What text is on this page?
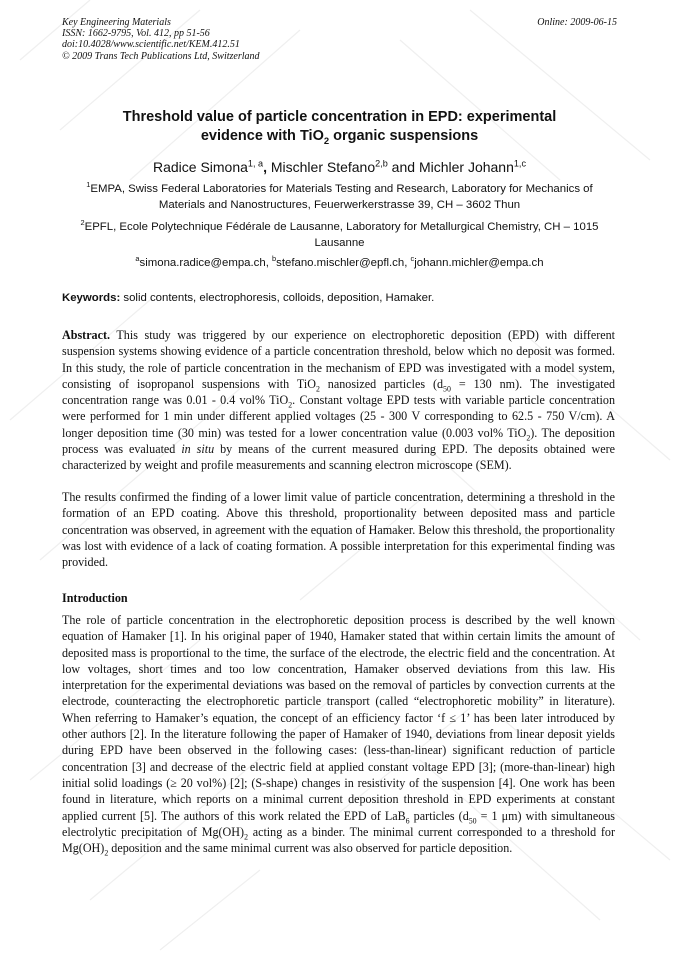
Key Engineering Materials
ISSN: 1662-9795, Vol. 412, pp 51-56
doi:10.4028/www.scientific.net/KEM.412.51
© 2009 Trans Tech Publications Ltd, Switzerland
Online: 2009-06-15
Threshold value of particle concentration in EPD: experimental
evidence with TiO$_2$ organic suspensions
Radice Simona$^{1, a}$, Mischler Stefano$^{2,b}$ and Michler Johann$^{1,c}$
$^1$EMPA, Swiss Federal Laboratories for Materials Testing and Research, Laboratory for Mechanics of Materials and Nanostructures, Feuerwerkerstrasse 39, CH – 3602 Thun
$^2$EPFL, Ecole Polytechnique Fédérale de Lausanne, Laboratory for Metallurgical Chemistry, CH – 1015 Lausanne
$^a$simona.radice@empa.ch, $^b$stefano.mischler@epfl.ch, $^c$johann.michler@empa.ch
Keywords: solid contents, electrophoresis, colloids, deposition, Hamaker.
Abstract. This study was triggered by our experience on electrophoretic deposition (EPD) with different suspension systems showing evidence of a particle concentration threshold, below which no deposit was formed. In this study, the role of particle concentration in the mechanism of EPD was investigated with a model system, consisting of isopropanol suspensions with TiO$_2$ nanosized particles ($d_{50} = 130$ nm). The investigated concentration range was 0.01 - 0.4 vol% TiO$_2$. Constant voltage EPD tests with variable particle concentration were performed for 1 min under different applied voltages (25 - 300 V corresponding to 62.5 - 750 V/cm). A longer deposition time (30 min) was tested for a lower concentration value (0.003 vol% TiO$_2$). The deposition process was evaluated in situ by means of the current measured during EPD. The deposits obtained were characterized by weight and profile measurements and scanning electron microscope (SEM).
The results confirmed the finding of a lower limit value of particle concentration, determining a threshold in the formation of an EPD coating. Above this threshold, proportionality between deposited mass and particle concentration was observed, in agreement with the equation of Hamaker. Below this threshold, the proportionality was lost with evidence of a lack of coating formation. A possible interpretation for this experimental finding was provided.
Introduction
The role of particle concentration in the electrophoretic deposition process is described by the well known equation of Hamaker [1]. In his original paper of 1940, Hamaker stated that within certain limits the amount of deposited mass is proportional to the time, the surface of the electrode, the electric field and the concentration. At low voltages, short times and too low concentration, Hamaker observed deviations from this law. His interpretation for the experimental deviations was based on the removal of particles by convection currents at the electrode, counteracting the electrophoretic particle transport (called “electrophoretic mobility” in literature). When referring to Hamaker’s equation, the concept of an efficiency factor ‘f ≤ 1’ has been later introduced by other authors [2]. In the literature following the paper of Hamaker of 1940, deviations from linear deposit yields during EPD have been observed in the following cases: (less-than-linear) significant reduction of particle concentration [3] and decrease of the electric field at applied constant voltage EPD [3]; (more-than-linear) high initial solid loadings (≥ 20 vol%) [2]; (S-shape) changes in resistivity of the suspension [4]. One work has been found in literature, which reports on a minimal current deposition threshold in EPD experiments at constant applied current [5]. The authors of this work related the EPD of LaB$_6$ particles ($d_{50} = 1$ μm) with simultaneous electrolytic precipitation of $Mg(OH)_2$ acting as a binder. The minimal current corresponded to a threshold for $Mg(OH)_2$ deposition and the same minimal current was also observed for particle deposition.
